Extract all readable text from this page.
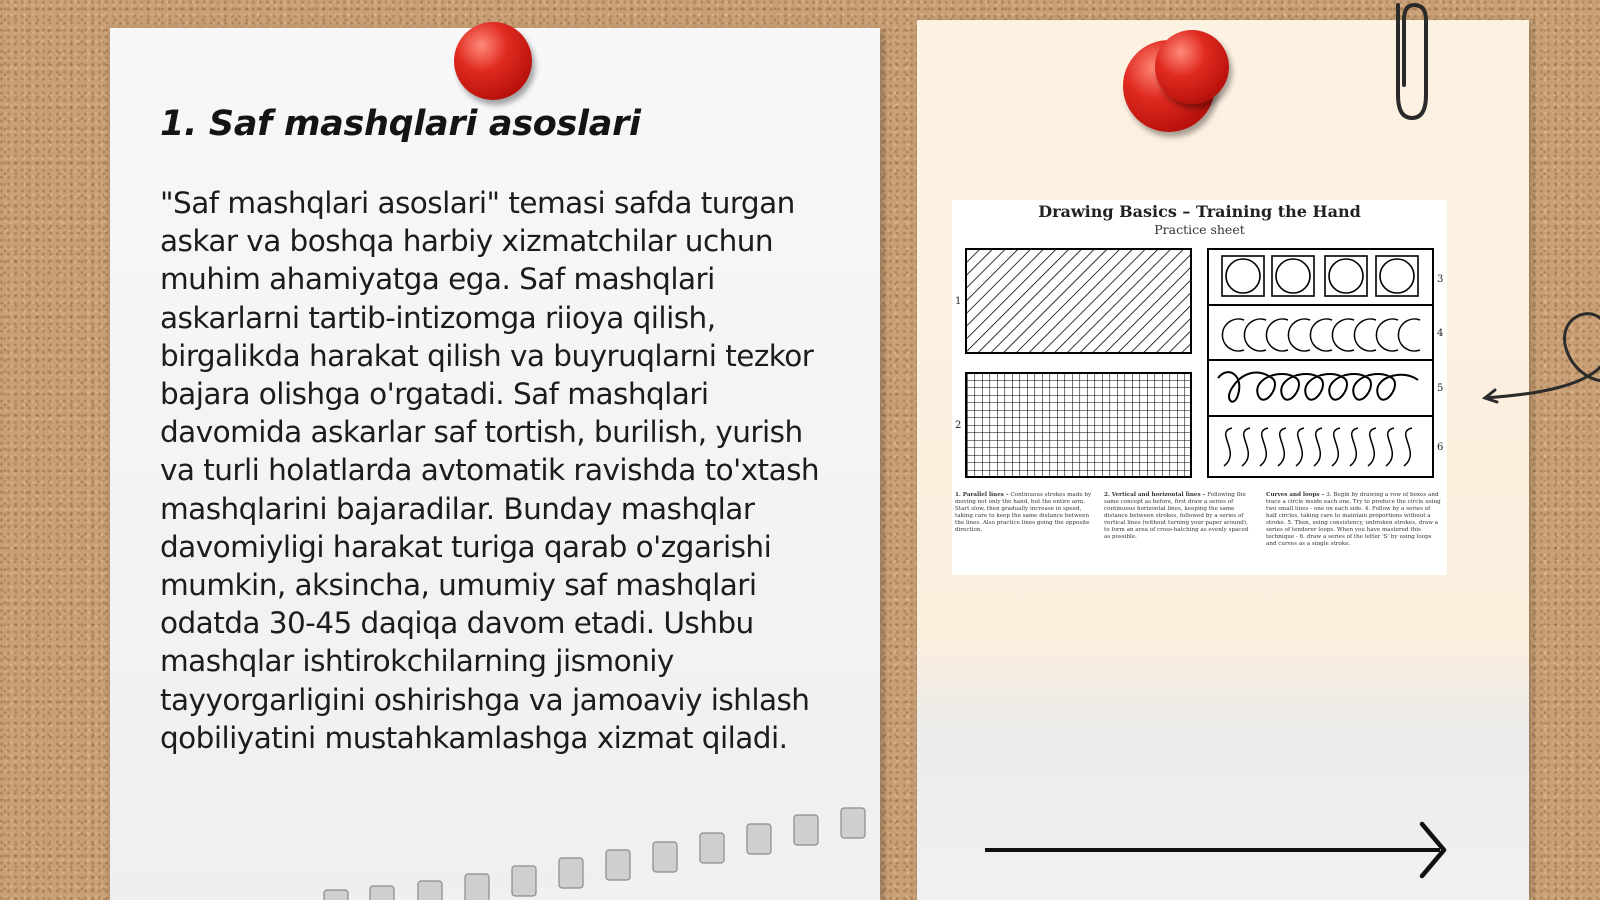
1. Saf mashqlari asoslari

"Saf mashqlari asoslari" temasi safda turgan askar va boshqa harbiy xizmatchilar uchun muhim ahamiyatga ega. Saf mashqlari askarlarni tartib-intizomga riioya qilish, birgalikda harakat qilish va buyruqlarni tezkor bajara olishga o'rgatadi. Saf mashqlari davomida askarlar saf tortish, burilish, yurish va turli holatlarda avtomatik ravishda to'xtash mashqlarini bajaradilar. Bunday mashqlar davomiyligi harakat turiga qarab o'zgarishi mumkin, aksincha, umumiy saf mashqlari odatda 30-45 daqiqa davom etadi. Ushbu mashqlar ishtirokchilarning jismoniy tayyorgarligini oshirishga va jamoaviy ishlash qobiliyatini mustahkamlashga xizmat qiladi.

Drawing Basics – Training the Hand
Practice sheet
1
2
3
4
5
6
1. Parallel lines – Continuous strokes made by moving not only the hand, but the entire arm. Start slow, then gradually increase in speed, taking care to keep the same distance between the lines. Also practice lines going the opposite direction.
2. Vertical and horizontal lines – Following the same concept as before, first draw a series of continuous horizontal lines, keeping the same distance between strokes, followed by a series of vertical lines (without turning your paper around), to form an area of cross-hatching as evenly spaced as possible.
Curves and loops – 3. Begin by drawing a row of boxes and trace a circle inside each one. Try to produce the circle using two small lines - one on each side. 4. Follow by a series of half circles, taking care to maintain proportions without a stroke. 5. Then, using consistency, unbroken strokes, draw a series of tenderer loops. When you have mastered this technique - 6. draw a series of the letter 'S' by using loops and curves as a single stroke.
